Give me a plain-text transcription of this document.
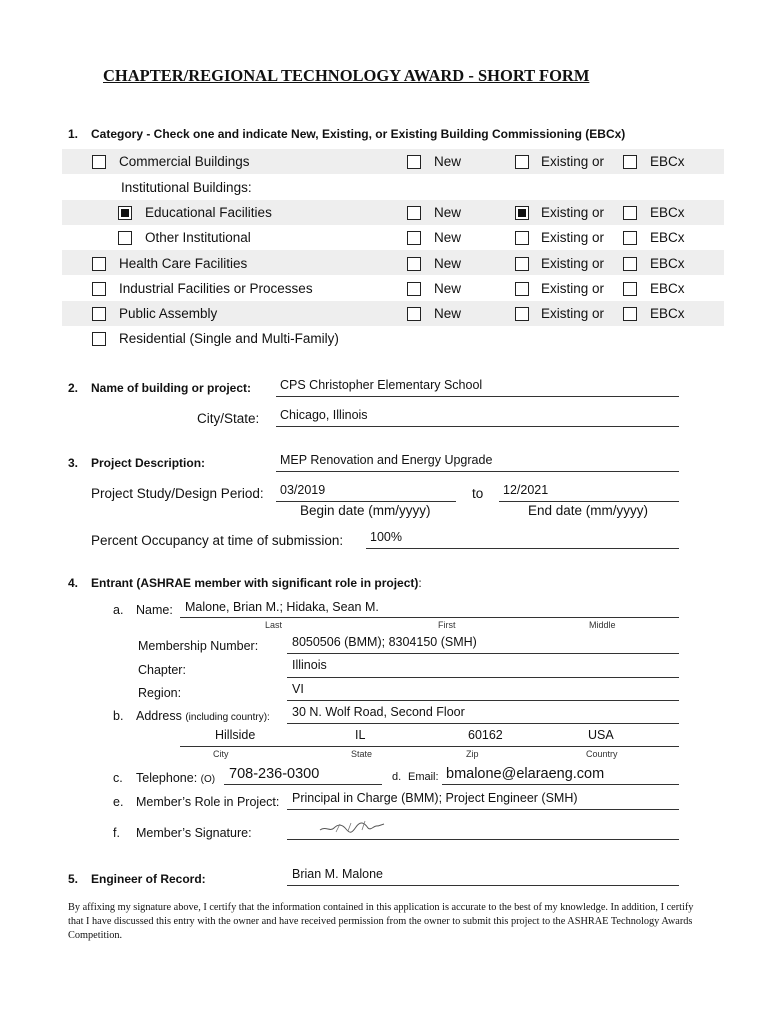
CHAPTER/REGIONAL TECHNOLOGY AWARD - SHORT FORM
1. Category - Check one and indicate New, Existing, or Existing Building Commissioning (EBCx)
Commercial Buildings	New	Existing or	EBCx
Institutional Buildings:
Educational Facilities	New	Existing or	EBCx
Other Institutional	New	Existing or	EBCx
Health Care Facilities	New	Existing or	EBCx
Industrial Facilities or Processes	New	Existing or	EBCx
Public Assembly	New	Existing or	EBCx
Residential (Single and Multi-Family)
2. Name of building or project: CPS Christopher Elementary School
City/State: Chicago, Illinois
3. Project Description:	MEP Renovation and Energy Upgrade
Project Study/Design Period: 03/2019	to 12/2021
Begin date (mm/yyyy)	End date (mm/yyyy)
Percent Occupancy at time of submission: 100%
4. Entrant (ASHRAE member with significant role in project):
a. Name: Malone, Brian M.; Hidaka, Sean M.
Last	First	Middle
Membership Number:	8050506 (BMM); 8304150 (SMH)
Chapter:	Illinois
Region:	VI
b. Address (including country): 30 N. Wolf Road, Second Floor
Hillside	IL	60162	USA
City	State	Zip	Country
c. Telephone: (O) 708-236-0300	d. Email: bmalone@elaraeng.com
e. Member’s Role in Project: Principal in Charge (BMM); Project Engineer (SMH)
f. Member’s Signature:
5. Engineer of Record:	Brian M. Malone
By affixing my signature above, I certify that the information contained in this application is accurate to the best of my knowledge. In addition, I certify that I have discussed this entry with the owner and have received permission from the owner to submit this project to the ASHRAE Technology Awards Competition.
